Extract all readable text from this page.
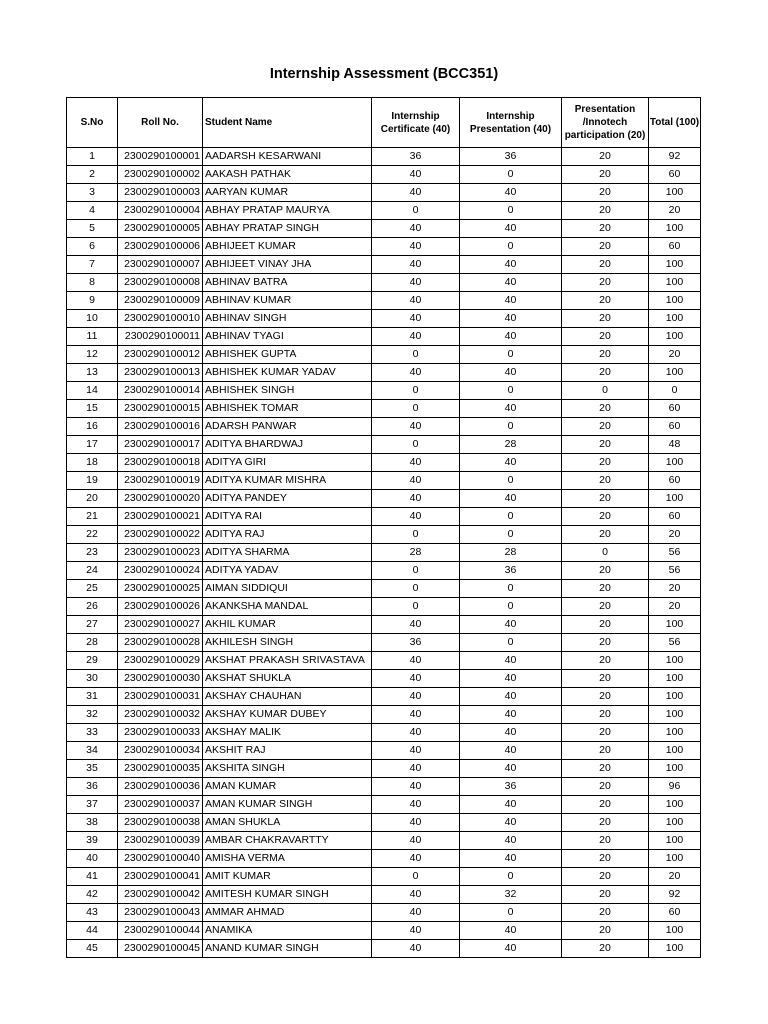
Internship Assessment (BCC351)
S.No	Roll No.	Student Name	Internship Certificate (40)	Internship Presentation (40)	Presentation /Innotech participation (20)	Total (100)
1	2300290100001	AADARSH KESARWANI	36	36	20	92
2	2300290100002	AAKASH PATHAK	40	0	20	60
3	2300290100003	AARYAN KUMAR	40	40	20	100
4	2300290100004	ABHAY PRATAP MAURYA	0	0	20	20
5	2300290100005	ABHAY PRATAP SINGH	40	40	20	100
6	2300290100006	ABHIJEET KUMAR	40	0	20	60
7	2300290100007	ABHIJEET VINAY JHA	40	40	20	100
8	2300290100008	ABHINAV BATRA	40	40	20	100
9	2300290100009	ABHINAV KUMAR	40	40	20	100
10	2300290100010	ABHINAV SINGH	40	40	20	100
11	2300290100011	ABHINAV TYAGI	40	40	20	100
12	2300290100012	ABHISHEK GUPTA	0	0	20	20
13	2300290100013	ABHISHEK KUMAR YADAV	40	40	20	100
14	2300290100014	ABHISHEK SINGH	0	0	0	0
15	2300290100015	ABHISHEK TOMAR	0	40	20	60
16	2300290100016	ADARSH PANWAR	40	0	20	60
17	2300290100017	ADITYA BHARDWAJ	0	28	20	48
18	2300290100018	ADITYA GIRI	40	40	20	100
19	2300290100019	ADITYA KUMAR MISHRA	40	0	20	60
20	2300290100020	ADITYA PANDEY	40	40	20	100
21	2300290100021	ADITYA RAI	40	0	20	60
22	2300290100022	ADITYA RAJ	0	0	20	20
23	2300290100023	ADITYA SHARMA	28	28	0	56
24	2300290100024	ADITYA YADAV	0	36	20	56
25	2300290100025	AIMAN SIDDIQUI	0	0	20	20
26	2300290100026	AKANKSHA MANDAL	0	0	20	20
27	2300290100027	AKHIL KUMAR	40	40	20	100
28	2300290100028	AKHILESH SINGH	36	0	20	56
29	2300290100029	AKSHAT PRAKASH SRIVASTAVA	40	40	20	100
30	2300290100030	AKSHAT SHUKLA	40	40	20	100
31	2300290100031	AKSHAY CHAUHAN	40	40	20	100
32	2300290100032	AKSHAY KUMAR DUBEY	40	40	20	100
33	2300290100033	AKSHAY MALIK	40	40	20	100
34	2300290100034	AKSHIT RAJ	40	40	20	100
35	2300290100035	AKSHITA SINGH	40	40	20	100
36	2300290100036	AMAN KUMAR	40	36	20	96
37	2300290100037	AMAN KUMAR SINGH	40	40	20	100
38	2300290100038	AMAN SHUKLA	40	40	20	100
39	2300290100039	AMBAR CHAKRAVARTTY	40	40	20	100
40	2300290100040	AMISHA VERMA	40	40	20	100
41	2300290100041	AMIT KUMAR	0	0	20	20
42	2300290100042	AMITESH KUMAR SINGH	40	32	20	92
43	2300290100043	AMMAR AHMAD	40	0	20	60
44	2300290100044	ANAMIKA	40	40	20	100
45	2300290100045	ANAND KUMAR SINGH	40	40	20	100
